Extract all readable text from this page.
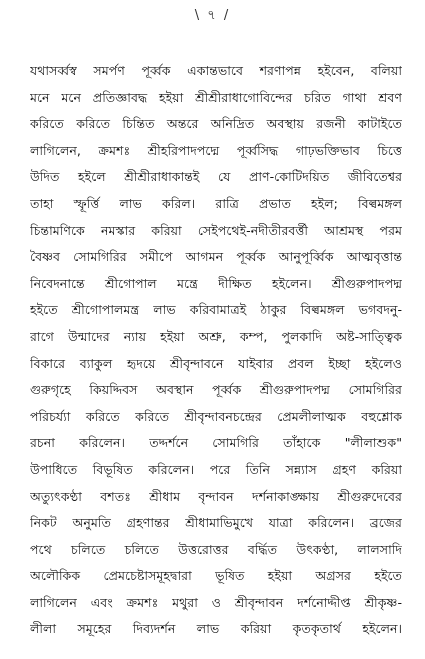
\ ৭ /
যথাসর্ব্বস্ব সমর্পণ পূর্ব্বক একান্তভাবে শরণাপন্ন হইবেন, বলিয়া
মনে মনে প্রতিজ্ঞাবদ্ধ হইয়া শ্রীশ্রীরাধাগোবিন্দের চরিত গাথা শ্রবণ
করিতে করিতে চিন্তিত অন্তরে অনিদ্রিত অবস্থায় রজনী কাটাইতে
লাগিলেন, ক্রমশঃ শ্রীহরিপাদপদ্মে পূর্ব্বসিদ্ধ গাঢ়ভক্তিভাব চিত্তে
উদিত হইলে শ্রীশ্রীরাধাকান্তই যে প্রাণ-কোটিদয়িত জীবিতেশ্বর
তাহা স্ফূর্ত্তি লাভ করিল। রাত্রি প্রভাত হইল; বিল্বমঙ্গল
চিন্তামণিকে নমস্কার করিয়া সেইপথেই-নদীতীরবর্ত্তী আশ্রমস্থ পরম
বৈষ্ণব সোমগিরির সমীপে আগমন পূর্ব্বক আনুপূর্ব্বিক আত্মবৃত্তান্ত
নিবেদনান্তে শ্রীগোপাল মন্ত্রে দীক্ষিত হইলেন। শ্রীগুরুপাদপদ্ম
হইতে শ্রীগোপালমন্ত্র লাভ করিবামাত্রই ঠাকুর বিল্বমঙ্গল ভগবদনু-
রাগে উন্মাদের ন্যায় হইয়া অশ্রু, কম্প, পুলকাদি অষ্ট-সাত্ত্বিক
বিকারে ব্যাকুল হৃদয়ে শ্রীবৃন্দাবনে যাইবার প্রবল ইচ্ছা হইলেও
গুরুগৃহে কিয়দ্দিবস অবস্থান পূর্ব্বক শ্রীগুরুপাদপদ্ম সোমগিরির
পরিচর্য্যা করিতে করিতে শ্রীবৃন্দাবনচন্দ্রের প্রেমলীলাত্মক বহুশ্লোক
রচনা করিলেন। তদ্দর্শনে সোমগিরি তাঁহাকে "লীলাশুক"
উপাধিতে বিভূষিত করিলেন। পরে তিনি সন্ন্যাস গ্রহণ করিয়া
অত্যুৎকণ্ঠা বশতঃ শ্রীধাম বৃন্দাবন দর্শনাকাঙ্ক্ষায় শ্রীগুরুদেবের
নিকট অনুমতি গ্রহণান্তর শ্রীধামাভিমুখে যাত্রা করিলেন। ব্রজের
পথে চলিতে চলিতে উত্তরোত্তর বর্দ্ধিত উৎকণ্ঠা, লালসাদি
অলৌকিক প্রেমচেষ্টাসমূহদ্বারা ভূষিত হইয়া অগ্রসর হইতে
লাগিলেন এবং ক্রমশঃ মথুরা ও শ্রীবৃন্দাবন দর্শনোদ্দীপ্ত শ্রীকৃষ্ণ-
লীলা সমূহের দিব্যদর্শন লাভ করিয়া কৃতকৃতার্থ হইলেন।
